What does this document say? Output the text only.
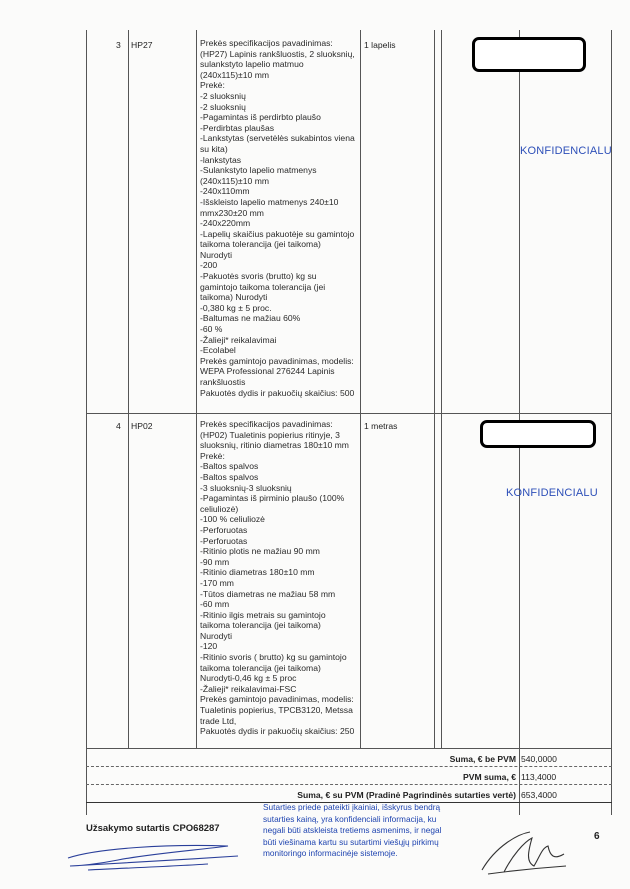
3 HP27	Prekės specifikacijos pavadinimas:
(HP27) Lapinis rankšluostis, 2 sluoksnių,
sulankstyto lapelio matmuo
(240x115)±10 mm
Prekė:
-2 sluoksnių
-2 sluoksnių
-Pagamintas iš perdirbto plaušo
-Perdirbtas plaušas
-Lankstytas (servetėlės sukabintos viena
su kita)
-lankstytas
-Sulankstyto lapelio matmenys
(240x115)±10 mm
-240x110mm
-Išskleisto lapelio matmenys 240±10
mmx230±20 mm
-240x220mm
-Lapelių skaičius pakuotėje su gamintojo
taikoma tolerancija (jei taikoma)
Nurodyti
-200
-Pakuotės svoris (brutto) kg su
gamintojo taikoma tolerancija (jei
taikoma) Nurodyti
-0,380 kg ± 5 proc.
-Baltumas ne mažiau 60%
-60 %
-Žalieji* reikalavimai
-Ecolabel
Prekės gamintojo pavadinimas, modelis:
WEPA Professional 276244 Lapinis
rankšluostis
Pakuotės dydis ir pakuočių skaičius: 500
1 lapelis
KONFIDENCIALU
4 HP02	Prekės specifikacijos pavadinimas:
(HP02) Tualetinis popierius ritinyje, 3
sluoksnių, ritinio diametras 180±10 mm
Prekė:
-Baltos spalvos
-Baltos spalvos
-3 sluoksnių-3 sluoksnių
-Pagamintas iš pirminio plaušo (100%
celiuliozė)
-100 % celiuliozė
-Perforuotas
-Perforuotas
-Ritinio plotis ne mažiau 90 mm
-90 mm
-Ritinio diametras 180±10 mm
-170 mm
-Tūtos diametras ne mažiau 58 mm
-60 mm
-Ritinio ilgis metrais su gamintojo
taikoma tolerancija (jei taikoma)
Nurodyti
-120
-Ritinio svoris ( brutto) kg su gamintojo
taikoma tolerancija (jei taikoma)
Nurodyti-0,46 kg ± 5 proc
-Žalieji* reikalavimai-FSC
Prekės gamintojo pavadinimas, modelis:
Tualetinis popierius, TPCB3120, Metssa
trade Ltd,
Pakuotės dydis ir pakuočių skaičius: 250
1 metras
KONFIDENCIALU
Suma, € be PVM 540,0000
PVM suma, € 113,4000
Suma, € su PVM (Pradinė Pagrindinės sutarties vertė) 653,4000
Sutarties priede pateikti įkainiai, išskyrus bendrą
sutarties kainą, yra konfidenciali informacija, ku
negali būti atskleista tretiems asmenims, ir negal
būti viešinama kartu su sutartimi viešųjų pirkimų
monitoringo informacinėje sistemoje.
Užsakymo sutartis CPO68287
6
